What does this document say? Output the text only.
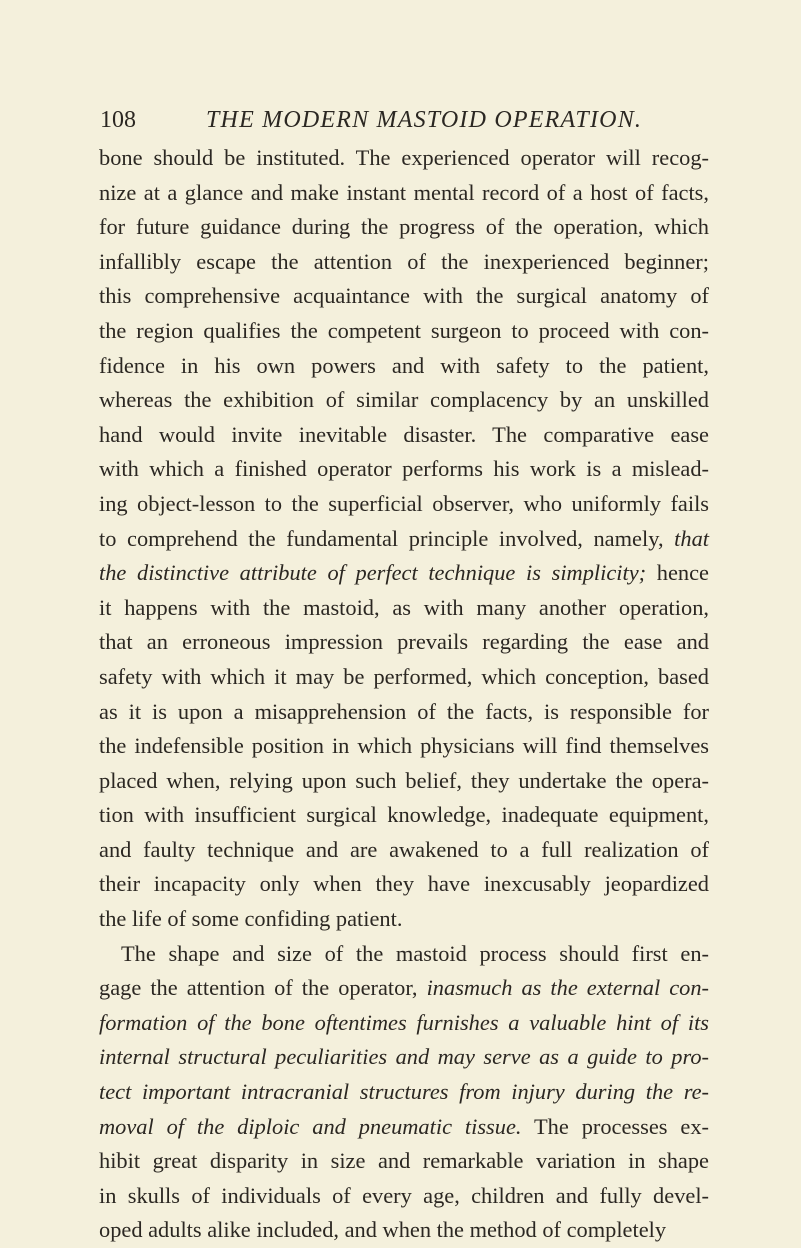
108	THE MODERN MASTOID OPERATION.
bone should be instituted. The experienced operator will recog-
nize at a glance and make instant mental record of a host of facts,
for future guidance during the progress of the operation, which
infallibly escape the attention of the inexperienced beginner;
this comprehensive acquaintance with the surgical anatomy of
the region qualifies the competent surgeon to proceed with con-
fidence in his own powers and with safety to the patient,
whereas the exhibition of similar complacency by an unskilled
hand would invite inevitable disaster. The comparative ease
with which a finished operator performs his work is a mislead-
ing object-lesson to the superficial observer, who uniformly fails
to comprehend the fundamental principle involved, namely, that
the distinctive attribute of perfect technique is simplicity; hence
it happens with the mastoid, as with many another operation,
that an erroneous impression prevails regarding the ease and
safety with which it may be performed, which conception, based
as it is upon a misapprehension of the facts, is responsible for
the indefensible position in which physicians will find themselves
placed when, relying upon such belief, they undertake the opera-
tion with insufficient surgical knowledge, inadequate equipment,
and faulty technique and are awakened to a full realization of
their incapacity only when they have inexcusably jeopardized
the life of some confiding patient.
The shape and size of the mastoid process should first en-
gage the attention of the operator, inasmuch as the external con-
formation of the bone oftentimes furnishes a valuable hint of its
internal structural peculiarities and may serve as a guide to pro-
tect important intracranial structures from injury during the re-
moval of the diploic and pneumatic tissue. The processes ex-
hibit great disparity in size and remarkable variation in shape
in skulls of individuals of every age, children and fully devel-
oped adults alike included, and when the method of completely
